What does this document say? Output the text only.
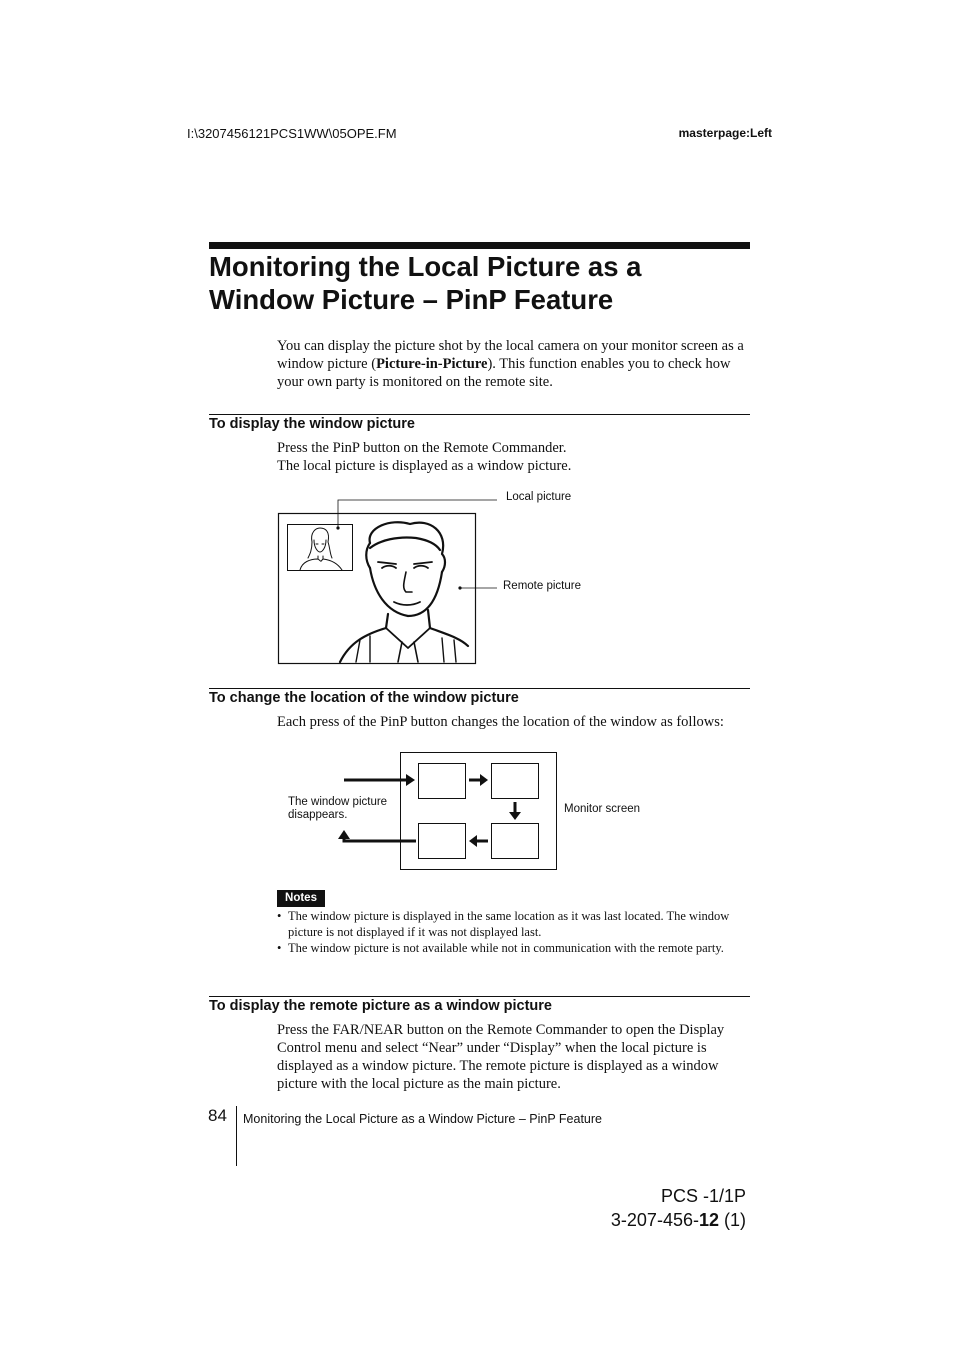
I:\3207456121PCS1WW\05OPE.FM	masterpage:Left
Monitoring the Local Picture as a
Window Picture – PinP Feature
You can display the picture shot by the local camera on your monitor screen as a window picture (Picture-in-Picture). This function enables you to check how your own party is monitored on the remote site.
To display the window picture
Press the PinP button on the Remote Commander.
The local picture is displayed as a window picture.
Local picture
Remote picture
To change the location of the window picture
Each press of the PinP button changes the location of the window as follows:
The window picture
disappears.	Monitor screen
Notes
• The window picture is displayed in the same location as it was last located. The window picture is not displayed if it was not displayed last.
• The window picture is not available while not in communication with the remote party.
To display the remote picture as a window picture
Press the FAR/NEAR button on the Remote Commander to open the Display Control menu and select “Near” under “Display” when the local picture is displayed as a window picture. The remote picture is displayed as a window picture with the local picture as the main picture.
84 Monitoring the Local Picture as a Window Picture – PinP Feature
PCS -1/1P
3-207-456-12 (1)
